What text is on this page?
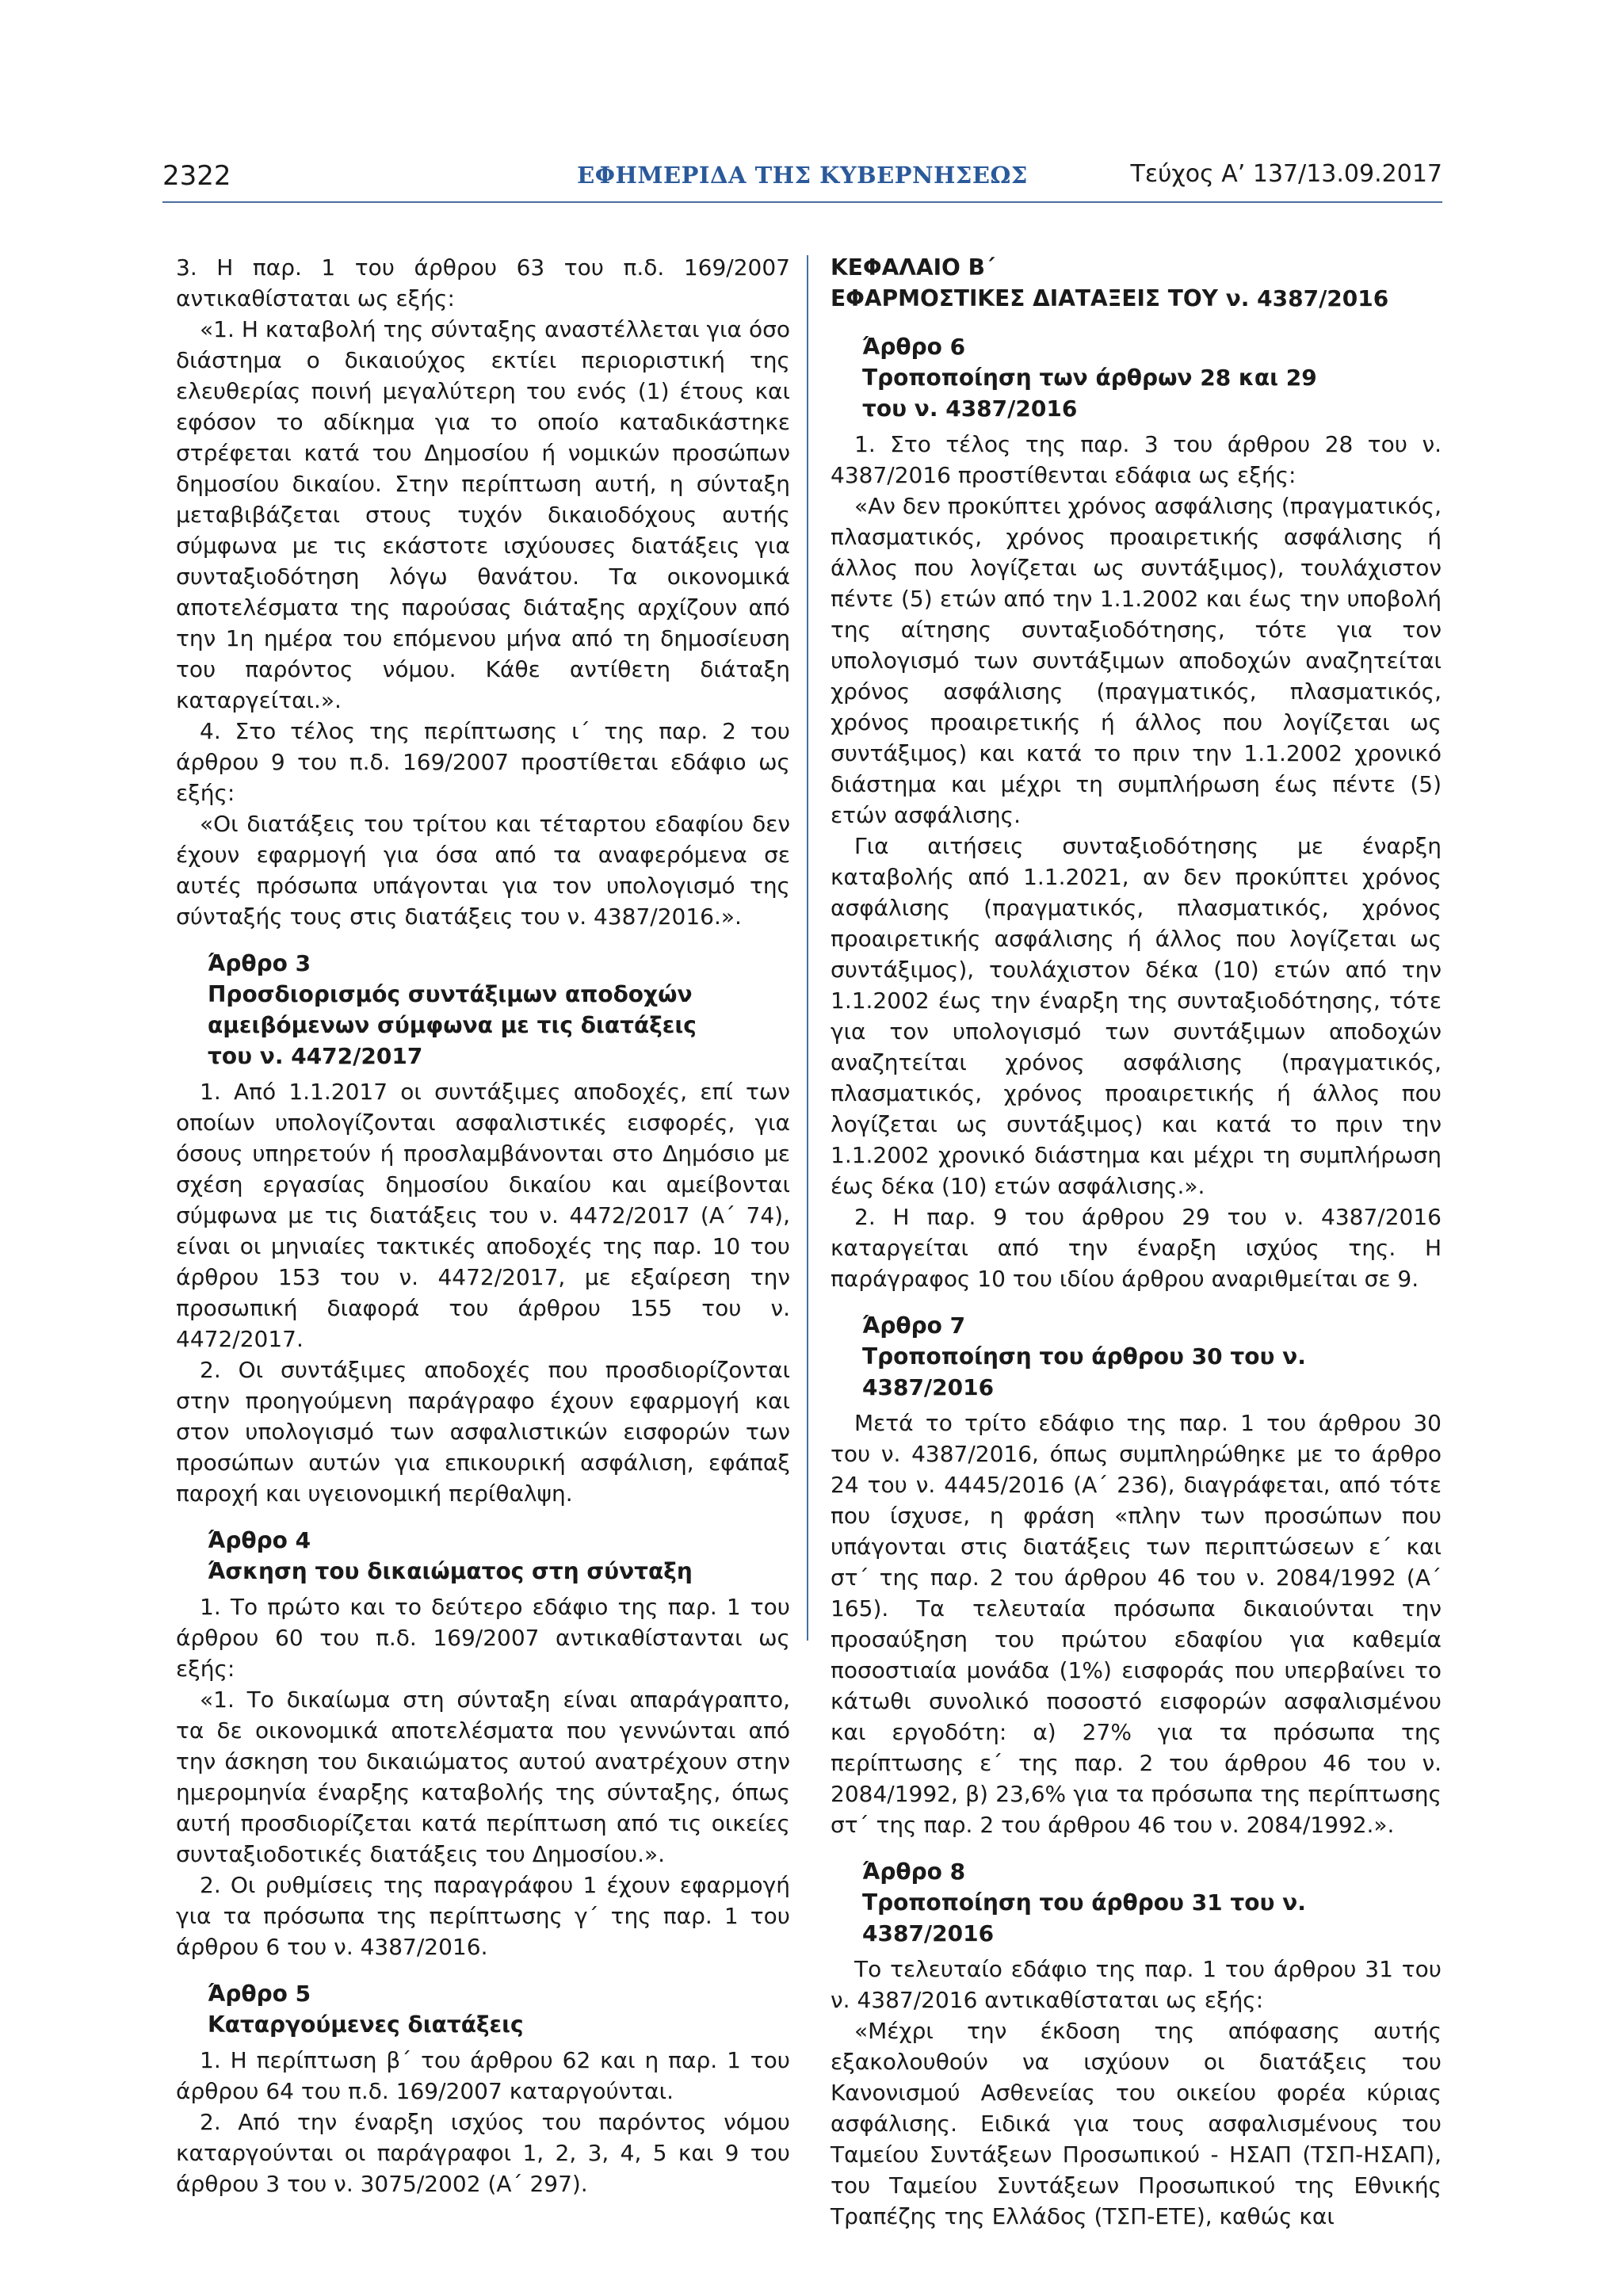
2322	ΕΦΗΜΕΡΙΔΑ ΤΗΣ ΚΥΒΕΡΝΗΣΕΩΣ	Τεύχος Α’ 137/13.09.2017

3. Η παρ. 1 του άρθρου 63 του π.δ. 169/2007 αντικαθίσταται ως εξής:

«1. Η καταβολή της σύνταξης αναστέλλεται για όσο διάστημα ο δικαιούχος εκτίει περιοριστική της ελευθερίας ποινή μεγαλύτερη του ενός (1) έτους και εφόσον το αδίκημα για το οποίο καταδικάστηκε στρέφεται κατά του Δημοσίου ή νομικών προσώπων δημοσίου δικαίου. Στην περίπτωση αυτή, η σύνταξη μεταβιβάζεται στους τυχόν δικαιοδόχους αυτής σύμφωνα με τις εκάστοτε ισχύουσες διατάξεις για συνταξιοδότηση λόγω θανάτου. Τα οικονομικά αποτελέσματα της παρούσας διάταξης αρχίζουν από την 1η ημέρα του επόμενου μήνα από τη δημοσίευση του παρόντος νόμου. Κάθε αντίθετη διάταξη καταργείται.».

4. Στο τέλος της περίπτωσης ι΄ της παρ. 2 του άρθρου 9 του π.δ. 169/2007 προστίθεται εδάφιο ως εξής:

«Οι διατάξεις του τρίτου και τέταρτου εδαφίου δεν έχουν εφαρμογή για όσα από τα αναφερόμενα σε αυτές πρόσωπα υπάγονται για τον υπολογισμό της σύνταξής τους στις διατάξεις του ν. 4387/2016.».

Άρθρο 3
Προσδιορισμός συντάξιμων αποδοχών
αμειβόμενων σύμφωνα με τις διατάξεις
του ν. 4472/2017

1. Από 1.1.2017 οι συντάξιμες αποδοχές, επί των οποίων υπολογίζονται ασφαλιστικές εισφορές, για όσους υπηρετούν ή προσλαμβάνονται στο Δημόσιο με σχέση εργασίας δημοσίου δικαίου και αμείβονται σύμφωνα με τις διατάξεις του ν. 4472/2017 (Α΄ 74), είναι οι μηνιαίες τακτικές αποδοχές της παρ. 10 του άρθρου 153 του ν. 4472/2017, με εξαίρεση την προσωπική διαφορά του άρθρου 155 του ν. 4472/2017.

2. Οι συντάξιμες αποδοχές που προσδιορίζονται στην προηγούμενη παράγραφο έχουν εφαρμογή και στον υπολογισμό των ασφαλιστικών εισφορών των προσώπων αυτών για επικουρική ασφάλιση, εφάπαξ παροχή και υγειονομική περίθαλψη.

Άρθρο 4
Άσκηση του δικαιώματος στη σύνταξη

1. Το πρώτο και το δεύτερο εδάφιο της παρ. 1 του άρθρου 60 του π.δ. 169/2007 αντικαθίστανται ως εξής:

«1. Το δικαίωμα στη σύνταξη είναι απαράγραπτο, τα δε οικονομικά αποτελέσματα που γεννώνται από την άσκηση του δικαιώματος αυτού ανατρέχουν στην ημερομηνία έναρξης καταβολής της σύνταξης, όπως αυτή προσδιορίζεται κατά περίπτωση από τις οικείες συνταξιοδοτικές διατάξεις του Δημοσίου.».

2. Οι ρυθμίσεις της παραγράφου 1 έχουν εφαρμογή για τα πρόσωπα της περίπτωσης γ΄ της παρ. 1 του άρθρου 6 του ν. 4387/2016.

Άρθρο 5
Καταργούμενες διατάξεις

1. Η περίπτωση β΄ του άρθρου 62 και η παρ. 1 του άρθρου 64 του π.δ. 169/2007 καταργούνται.

2. Από την έναρξη ισχύος του παρόντος νόμου καταργούνται οι παράγραφοι 1, 2, 3, 4, 5 και 9 του άρθρου 3 του ν. 3075/2002 (Α΄ 297).

ΚΕΦΑΛΑΙΟ Β΄
ΕΦΑΡΜΟΣΤΙΚΕΣ ΔΙΑΤΑΞΕΙΣ ΤΟΥ ν. 4387/2016
Άρθρο 6
Τροποποίηση των άρθρων 28 και 29
του ν. 4387/2016

1. Στο τέλος της παρ. 3 του άρθρου 28 του ν. 4387/2016 προστίθενται εδάφια ως εξής:

«Αν δεν προκύπτει χρόνος ασφάλισης (πραγματικός, πλασματικός, χρόνος προαιρετικής ασφάλισης ή άλλος που λογίζεται ως συντάξιμος), τουλάχιστον πέντε (5) ετών από την 1.1.2002 και έως την υποβολή της αίτησης συνταξιοδότησης, τότε για τον υπολογισμό των συντάξιμων αποδοχών αναζητείται χρόνος ασφάλισης (πραγματικός, πλασματικός, χρόνος προαιρετικής ή άλλος που λογίζεται ως συντάξιμος) και κατά το πριν την 1.1.2002 χρονικό διάστημα και μέχρι τη συμπλήρωση έως πέντε (5) ετών ασφάλισης.

Για αιτήσεις συνταξιοδότησης με έναρξη καταβολής από 1.1.2021, αν δεν προκύπτει χρόνος ασφάλισης (πραγματικός, πλασματικός, χρόνος προαιρετικής ασφάλισης ή άλλος που λογίζεται ως συντάξιμος), τουλάχιστον δέκα (10) ετών από την 1.1.2002 έως την έναρξη της συνταξιοδότησης, τότε για τον υπολογισμό των συντάξιμων αποδοχών αναζητείται χρόνος ασφάλισης (πραγματικός, πλασματικός, χρόνος προαιρετικής ή άλλος που λογίζεται ως συντάξιμος) και κατά το πριν την 1.1.2002 χρονικό διάστημα και μέχρι τη συμπλήρωση έως δέκα (10) ετών ασφάλισης.».

2. Η παρ. 9 του άρθρου 29 του ν. 4387/2016 καταργείται από την έναρξη ισχύος της. Η παράγραφος 10 του ιδίου άρθρου αναριθμείται σε 9.

Άρθρο 7
Τροποποίηση του άρθρου 30 του ν. 4387/2016

Μετά το τρίτο εδάφιο της παρ. 1 του άρθρου 30 του ν. 4387/2016, όπως συμπληρώθηκε με το άρθρο 24 του ν. 4445/2016 (Α΄ 236), διαγράφεται, από τότε που ίσχυσε, η φράση «πλην των προσώπων που υπάγονται στις διατάξεις των περιπτώσεων ε΄ και στ΄ της παρ. 2 του άρθρου 46 του ν. 2084/1992 (Α΄ 165). Τα τελευταία πρόσωπα δικαιούνται την προσαύξηση του πρώτου εδαφίου για καθεμία ποσοστιαία μονάδα (1%) εισφοράς που υπερβαίνει το κάτωθι συνολικό ποσοστό εισφορών ασφαλισμένου και εργοδότη: α) 27% για τα πρόσωπα της περίπτωσης ε΄ της παρ. 2 του άρθρου 46 του ν. 2084/1992, β) 23,6% για τα πρόσωπα της περίπτωσης στ΄ της παρ. 2 του άρθρου 46 του ν. 2084/1992.».

Άρθρο 8
Τροποποίηση του άρθρου 31 του ν. 4387/2016

Το τελευταίο εδάφιο της παρ. 1 του άρθρου 31 του ν. 4387/2016 αντικαθίσταται ως εξής:

«Μέχρι την έκδοση της απόφασης αυτής εξακολουθούν να ισχύουν οι διατάξεις του Κανονισμού Ασθενείας του οικείου φορέα κύριας ασφάλισης. Ειδικά για τους ασφαλισμένους του Ταμείου Συντάξεων Προσωπικού - ΗΣΑΠ (ΤΣΠ-ΗΣΑΠ), του Ταμείου Συντάξεων Προσωπικού της Εθνικής Τραπέζης της Ελλάδος (ΤΣΠ-ΕΤΕ), καθώς και
